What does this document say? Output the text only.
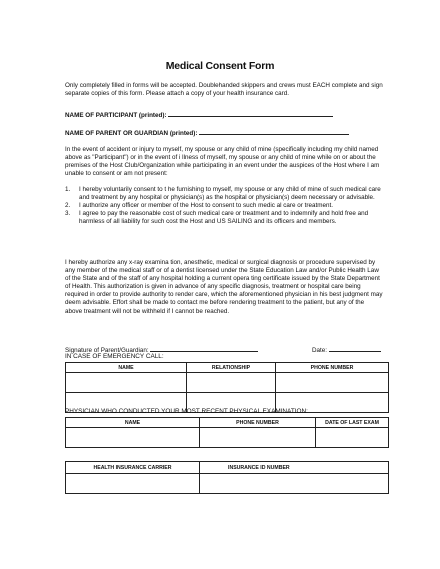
Medical Consent Form

Only completely filled in forms will be accepted. Doublehanded skippers and crews must EACH complete and sign separate copies of this form. Please attach a copy of your health insurance card.

NAME OF PARTICIPANT (printed):

NAME OF PARENT OR GUARDIAN (printed):

In the event of accident or injury to myself, my spouse or any child of mine (specifically including my child named above as "Participant") or in the event of i llness of myself, my spouse or any child of mine while on or about the premises of the Host Club/Organization while participating in an event under the auspices of the Host where I am unable to consent or am not present:

1. I hereby voluntarily consent to t he furnishing to myself, my spouse or any child of mine of such medical care and treatment by any hospital or physician(s) as the hospital or physician(s) deem necessary or advisable.
2. I authorize any officer or member of the Host to consent to such medic al care or treatment.
3. I agree to pay the reasonable cost of such medical care or treatment and to indemnify and hold free and harmless of all liability for such cost the Host and US SAILING and its officers and members.

I hereby authorize any x-ray examina tion, anesthetic, medical or surgical diagnosis or procedure supervised by any member of the medical staff or of a dentist licensed under the State Education Law and/or Public Health Law of the State and of the staff of any hospital holding a current opera ting certificate issued by the State Department of Health. This authorization is given in advance of any specific diagnosis, treatment or hospital care being required in order to provide authority to render care, which the aforementioned physician in his best judgment may deem advisable. Effort shall be made to contact me before rendering treatment to the patient, but any of the above treatment will not be withheld if I cannot be reached.

Signature of Parent/Guardian:	Date:
IN CASE OF EMERGENCY CALL:
NAME	RELATIONSHIP	PHONE NUMBER

PHYSICIAN WHO CONDUCTED YOUR MOST RECENT PHYSICAL EXAMINATION:
NAME	PHONE NUMBER	DATE OF LAST EXAM

HEALTH INSURANCE CARRIER	INSURANCE ID NUMBER
